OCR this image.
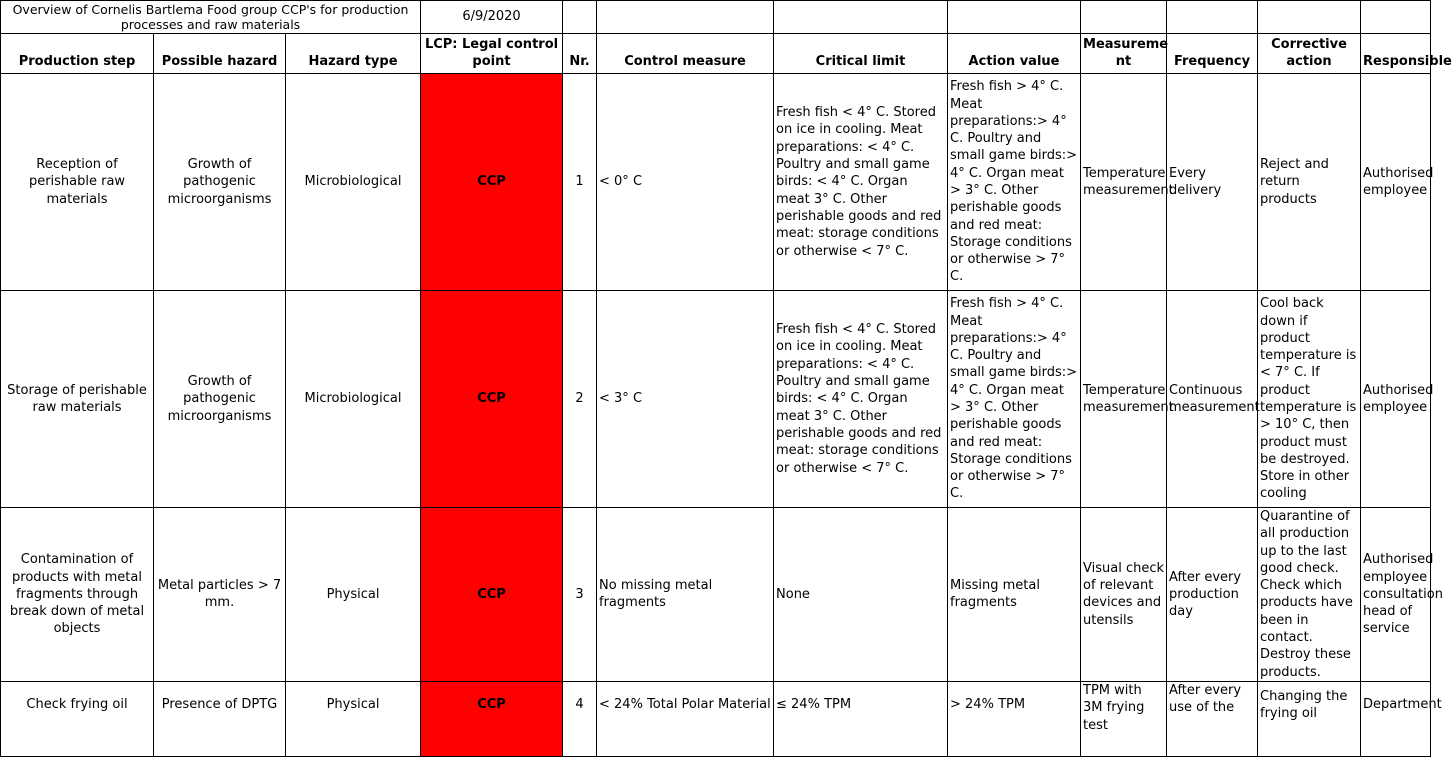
Overview of Cornelis Bartlema Food group CCP's for production processes and raw materials			6/9/2020								
Production step	Possible hazard	Hazard type	LCP: Legal control point	Nr.	Control measure	Critical limit	Action value	Measureme nt	Frequency	Corrective action	Responsible
Reception of perishable raw materials	Growth of pathogenic microorganisms	Microbiological	CCP	1	< 0° C	Fresh fish < 4° C. Stored on ice in cooling. Meat preparations: < 4° C. Poultry and small game birds: < 4° C. Organ meat 3° C. Other perishable goods and red meat: storage conditions or otherwise < 7° C.	Fresh fish > 4° C. Meat preparations:> 4° C. Poultry and small game birds:> 4° C. Organ meat > 3° C. Other perishable goods and red meat: Storage conditions or otherwise > 7° C.	Temperature measurement	Every delivery	Reject and return products	Authorised employee
Storage of perishable raw materials	Growth of pathogenic microorganisms	Microbiological	CCP	2	< 3° C	Fresh fish < 4° C. Stored on ice in cooling. Meat preparations: < 4° C. Poultry and small game birds: < 4° C. Organ meat 3° C. Other perishable goods and red meat: storage conditions or otherwise < 7° C.	Fresh fish > 4° C. Meat preparations:> 4° C. Poultry and small game birds:> 4° C. Organ meat > 3° C. Other perishable goods and red meat: Storage conditions or otherwise > 7° C.	Temperature measurement	Continuous measurement	Cool back down if product temperature is < 7° C. If product temperature is > 10° C, then product must be destroyed. Store in other cooling	Authorised employee
Contamination of products with metal fragments through break down of metal objects	Metal particles > 7 mm.	Physical	CCP	3	No missing metal fragments	None	Missing metal fragments	Visual check of relevant devices and utensils	After every production day	Quarantine of all production up to the last good check. Check which products have been in contact. Destroy these products.	Authorised employee consultation head of service
Check frying oil	Presence of DPTG	Physical	CCP	4	< 24% Total Polar Material	≤ 24% TPM	> 24% TPM	TPM with 3M frying test	After every use of the	Changing the frying oil	Department
